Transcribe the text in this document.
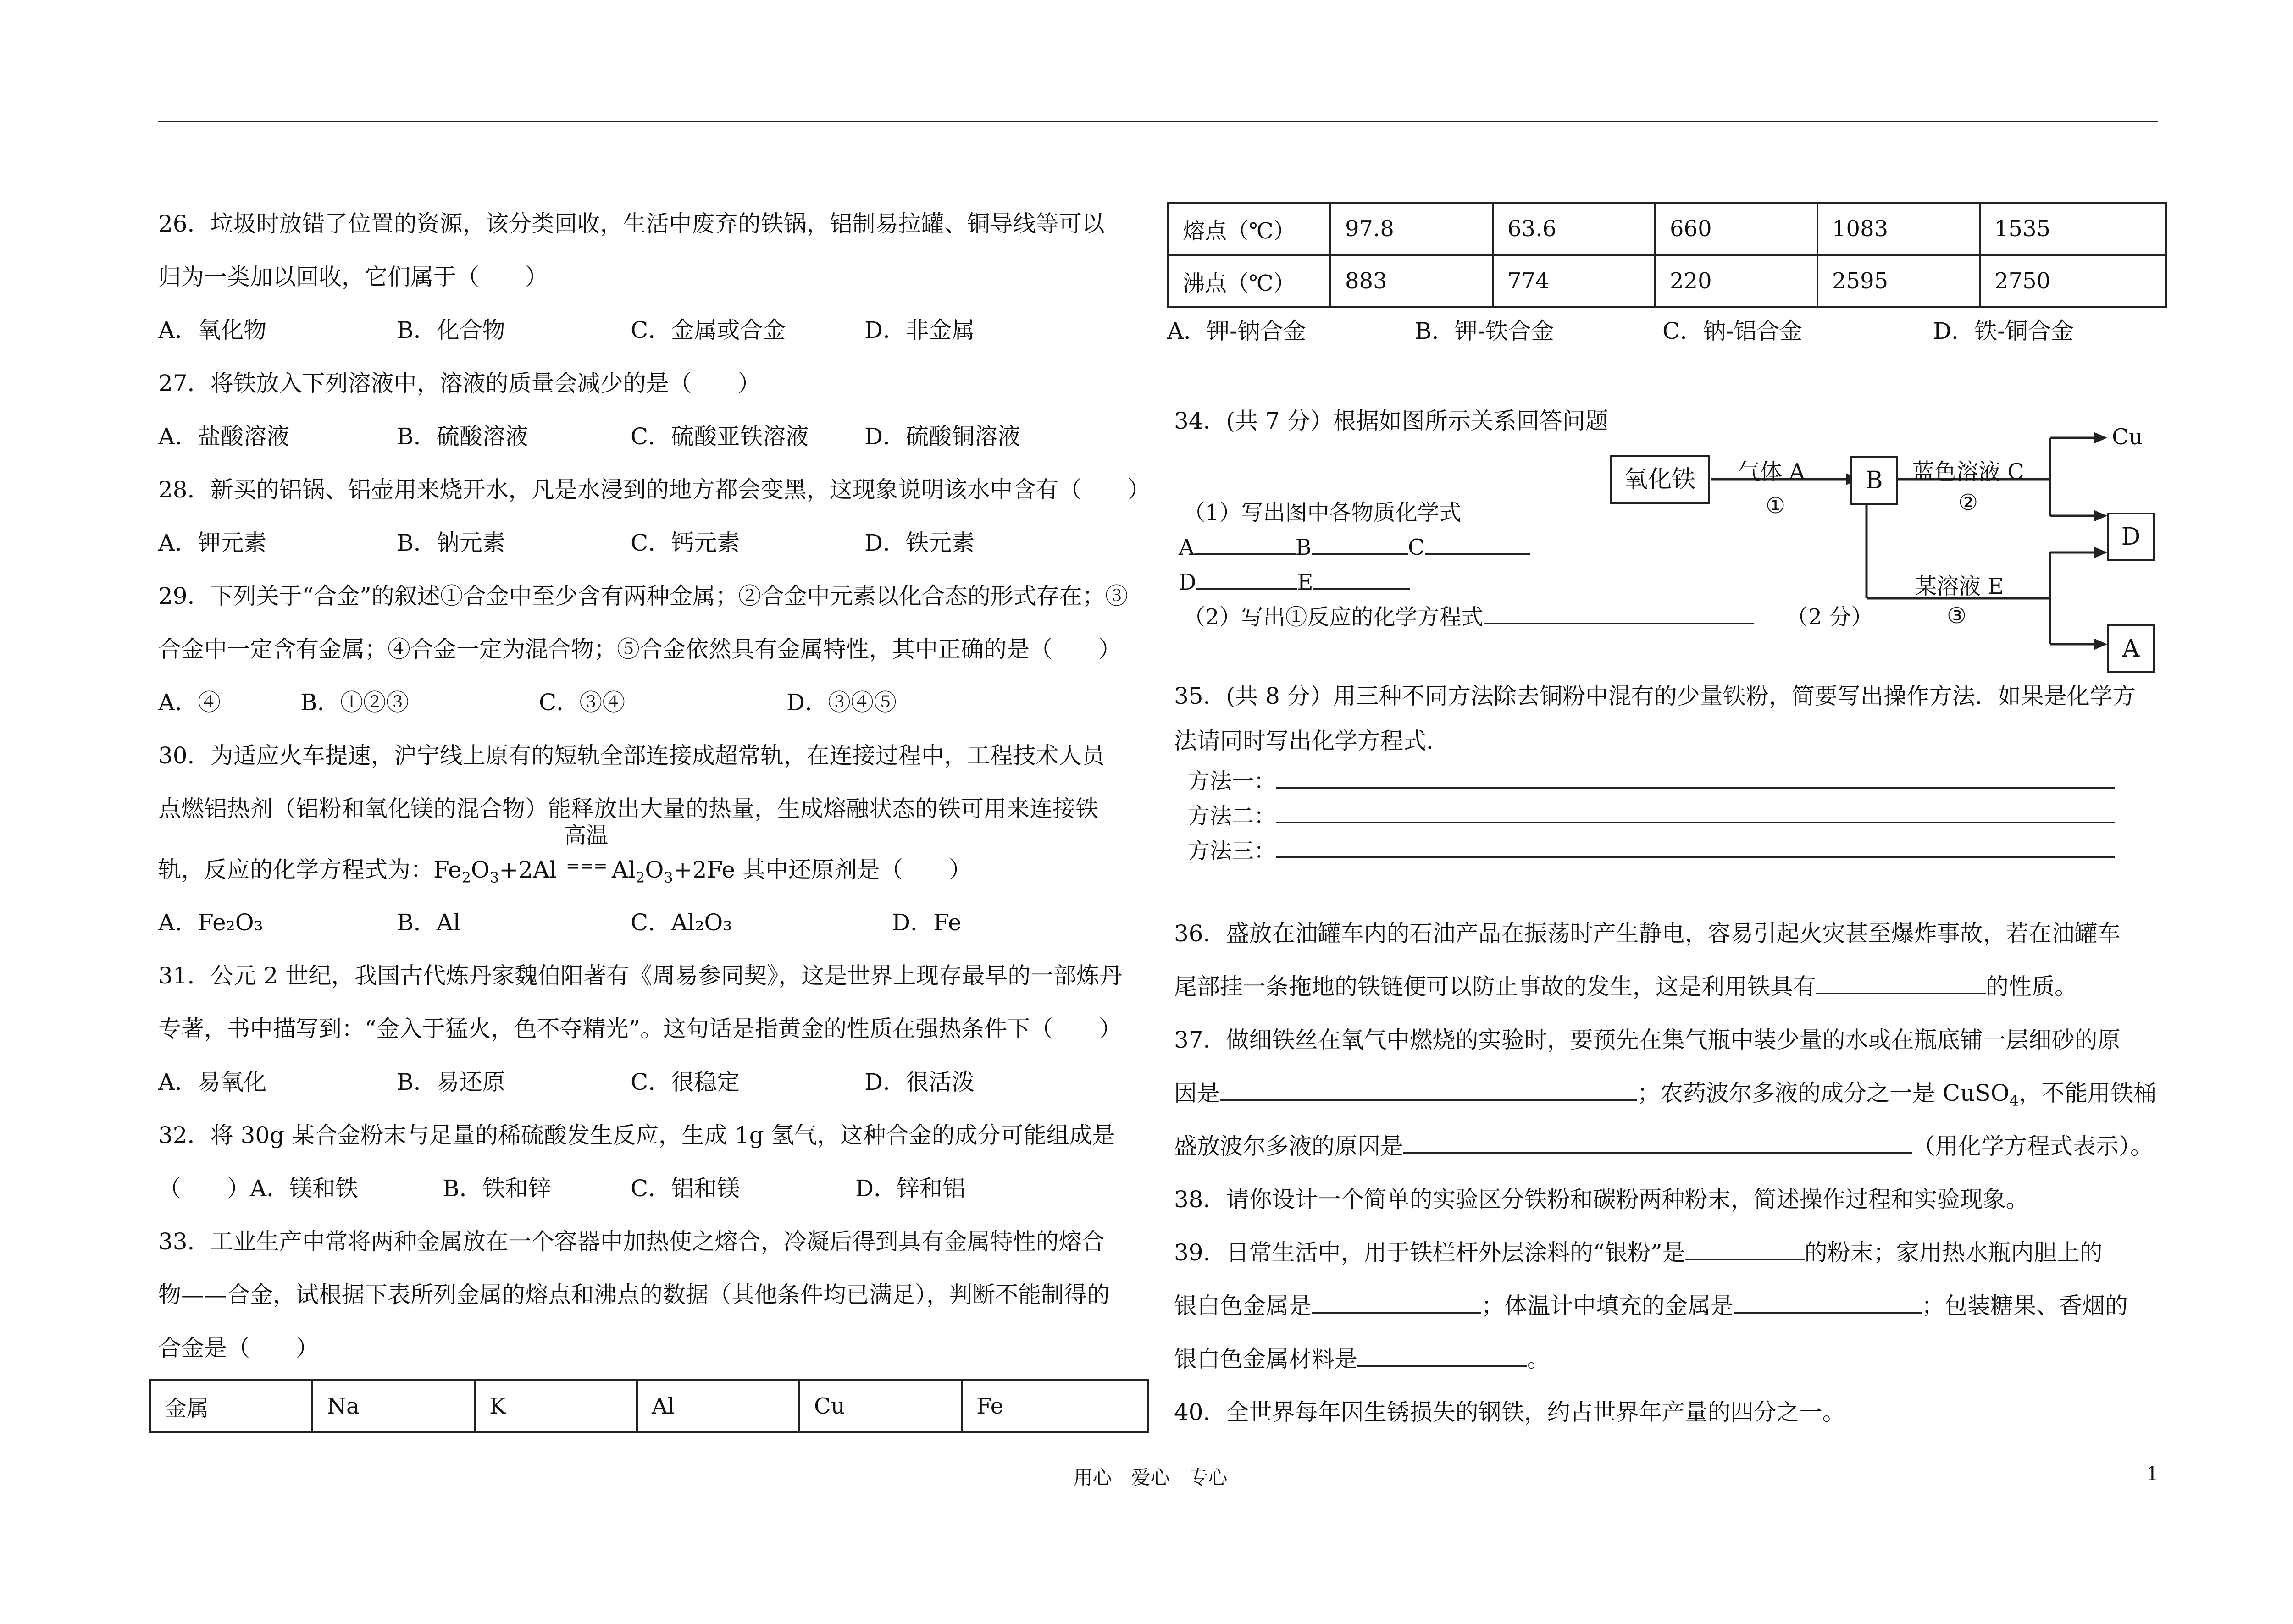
26．垃圾时放错了位置的资源，该分类回收，生活中废弃的铁锅，铝制易拉罐、铜导线等可以
归为一类加以回收，它们属于（　　）
A．氧化物	B．化合物	C．金属或合金	D．非金属
27．将铁放入下列溶液中，溶液的质量会减少的是（　　）
A．盐酸溶液	B．硫酸溶液	C．硫酸亚铁溶液	D．硫酸铜溶液
28．新买的铝锅、铝壶用来烧开水，凡是水浸到的地方都会变黑，这现象说明该水中含有（　　）
A．钾元素	B．钠元素	C．钙元素	D．铁元素
29．下列关于“合金”的叙述①合金中至少含有两种金属；②合金中元素以化合态的形式存在；③
合金中一定含有金属；④合金一定为混合物；⑤合金依然具有金属特性，其中正确的是（　　）
A．④	B．①②③	C．③④	D．③④⑤
30．为适应火车提速，沪宁线上原有的短轨全部连接成超常轨，在连接过程中，工程技术人员
点燃铝热剂（铝粉和氧化镁的混合物）能释放出大量的热量，生成熔融状态的铁可用来连接铁
轨，反应的化学方程式为：$Fe_2O_3+2Al$
高温
===
$Al_2O_3+2Fe$ 其中还原剂是（　　）
A．Fe₂O₃	B．Al	C．Al₂O₃	D．Fe
31．公元 2 世纪，我国古代炼丹家魏伯阳著有《周易参同契》，这是世界上现存最早的一部炼丹
专著，书中描写到：“金入于猛火，色不夺精光”。这句话是指黄金的性质在强热条件下（　　）
A．易氧化	B．易还原	C．很稳定	D．很活泼
32．将 30g 某合金粉末与足量的稀硫酸发生反应，生成 1g 氢气，这种合金的成分可能组成是
（　　）A．镁和铁	B．铁和锌	C．铝和镁	D．锌和铝
33．工业生产中常将两种金属放在一个容器中加热使之熔合，冷凝后得到具有金属特性的熔合
物——合金，试根据下表所列金属的熔点和沸点的数据（其他条件均已满足），判断不能制得的
合金是（　　）
金属	Na	K	Al	Cu	Fe
熔点（℃）	97.8	63.6	660	1083	1535
沸点（℃）	883	774	220	2595	2750
A．钾-钠合金	B．钾-铁合金	C．钠-铝合金	D．铁-铜合金
34．(共 7 分）根据如图所示关系回答问题
（1）写出图中各物质化学式
A	B	C
D	E
（2）写出①反应的化学方程式	（2 分）
氧化铁	B
气体 A
①
蓝色溶液 C
②
Cu
D
某溶液 E
③
A
35．(共 8 分）用三种不同方法除去铜粉中混有的少量铁粉，简要写出操作方法．如果是化学方
法请同时写出化学方程式．
方法一：
方法二：
方法三：
36．盛放在油罐车内的石油产品在振荡时产生静电，容易引起火灾甚至爆炸事故，若在油罐车
尾部挂一条拖地的铁链便可以防止事故的发生，这是利用铁具有	的性质。
37．做细铁丝在氧气中燃烧的实验时，要预先在集气瓶中装少量的水或在瓶底铺一层细砂的原
因是	；农药波尔多液的成分之一是 CuSO$_4$，不能用铁桶
盛放波尔多液的原因是	（用化学方程式表示）。
38．请你设计一个简单的实验区分铁粉和碳粉两种粉末，简述操作过程和实验现象。
39．日常生活中，用于铁栏杆外层涂料的“银粉”是	的粉末；家用热水瓶内胆上的
银白色金属是	；体温计中填充的金属是	；包装糖果、香烟的
银白色金属材料是	。
40．全世界每年因生锈损失的钢铁，约占世界年产量的四分之一。
用心　爱心　专心	1
